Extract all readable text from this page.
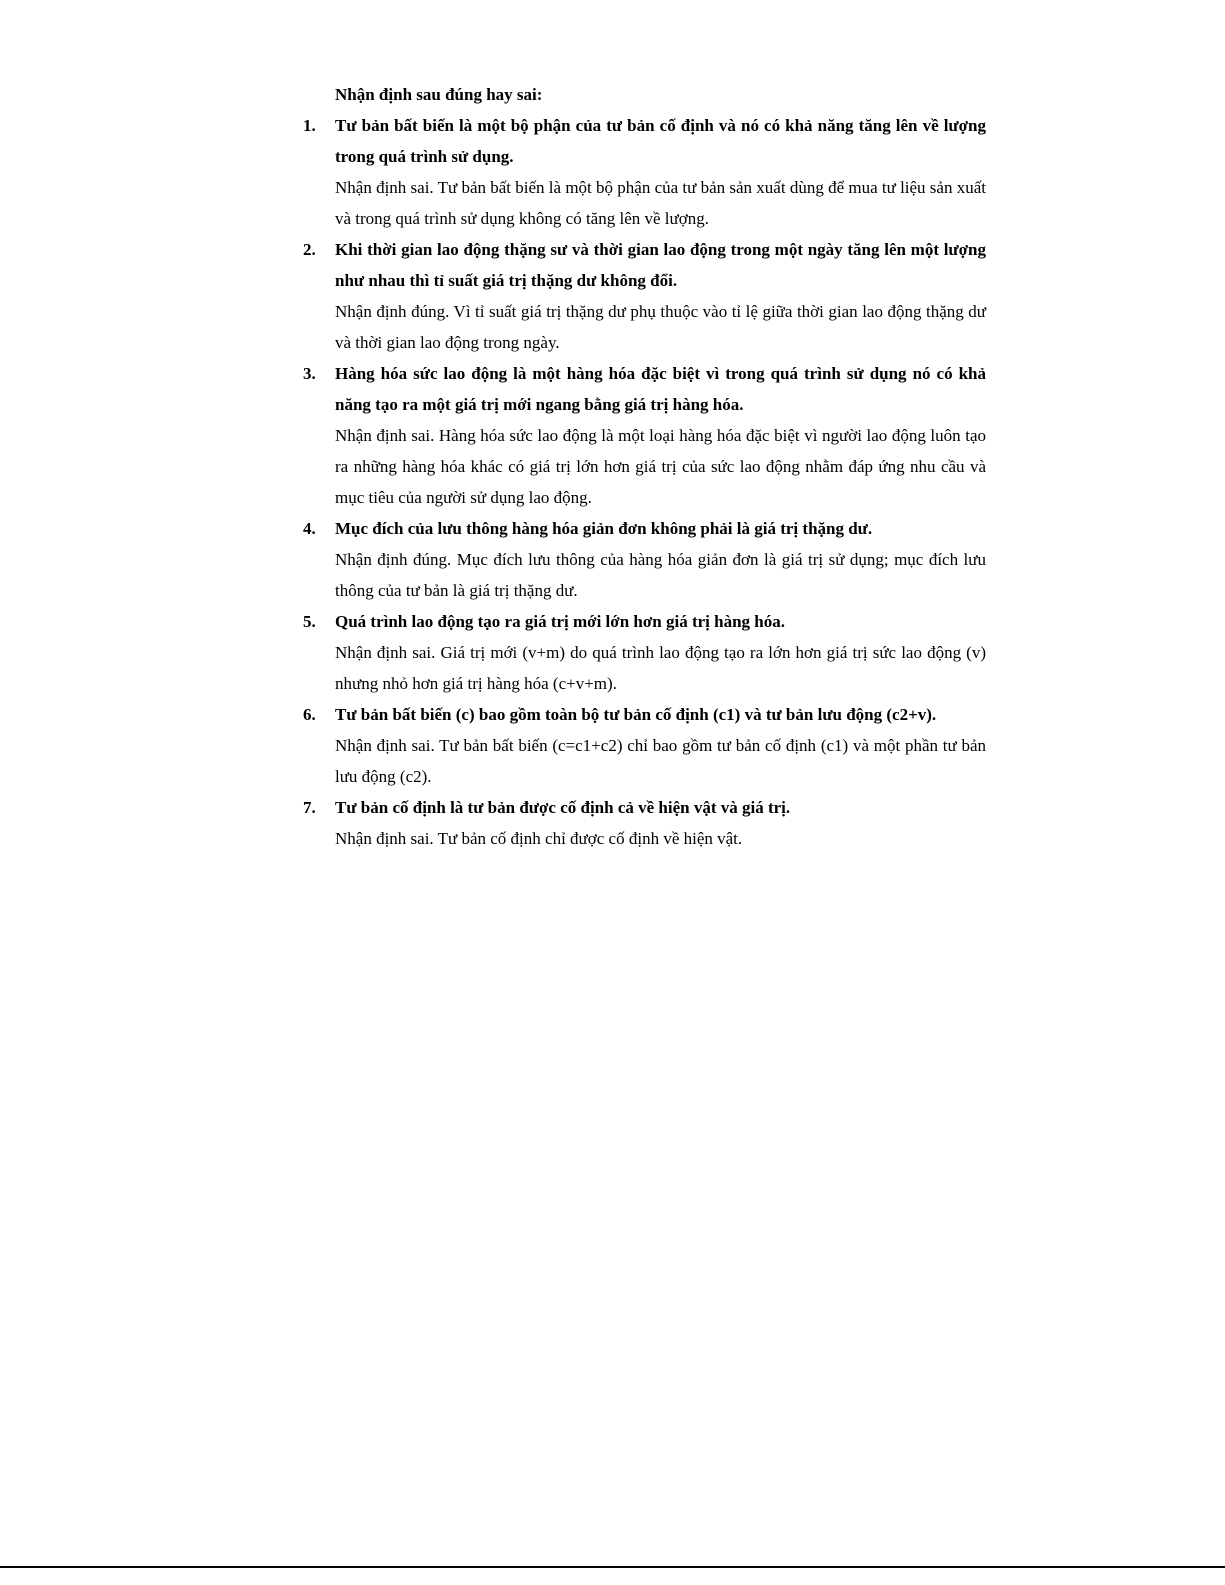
Nhận định sau đúng hay sai:

1. Tư bản bất biến là một bộ phận của tư bản cố định và nó có khả năng tăng lên về lượng trong quá trình sử dụng.

Nhận định sai. Tư bản bất biến là một bộ phận của tư bản sản xuất dùng để mua tư liệu sản xuất và trong quá trình sử dụng không có tăng lên về lượng.

2. Khi thời gian lao động thặng sư và thời gian lao động trong một ngày tăng lên một lượng như nhau thì tỉ suất giá trị thặng dư không đổi.

Nhận định đúng. Vì tỉ suất giá trị thặng dư phụ thuộc vào tỉ lệ giữa thời gian lao động thặng dư và thời gian lao động trong ngày.

3. Hàng hóa sức lao động là một hàng hóa đặc biệt vì trong quá trình sử dụng nó có khả năng tạo ra một giá trị mới ngang bằng giá trị hàng hóa.

Nhận định sai. Hàng hóa sức lao động là một loại hàng hóa đặc biệt vì người lao động luôn tạo ra những hàng hóa khác có giá trị lớn hơn giá trị của sức lao động nhằm đáp ứng nhu cầu và mục tiêu của người sử dụng lao động.

4. Mục đích của lưu thông hàng hóa giản đơn không phải là giá trị thặng dư.

Nhận định đúng. Mục đích lưu thông của hàng hóa giản đơn là giá trị sử dụng; mục đích lưu thông của tư bản là giá trị thặng dư.

5. Quá trình lao động tạo ra giá trị mới lớn hơn giá trị hàng hóa.

Nhận định sai. Giá trị mới (v+m) do quá trình lao động tạo ra lớn hơn giá trị sức lao động (v) nhưng nhỏ hơn giá trị hàng hóa (c+v+m).

6. Tư bản bất biến (c) bao gồm toàn bộ tư bản cố định (c1) và tư bản lưu động (c2+v).

Nhận định sai. Tư bản bất biến (c=c1+c2) chỉ bao gồm tư bản cố định (c1) và một phần tư bản lưu động (c2).

7. Tư bản cố định là tư bản được cố định cả về hiện vật và giá trị.

Nhận định sai. Tư bản cố định chỉ được cố định về hiện vật.
